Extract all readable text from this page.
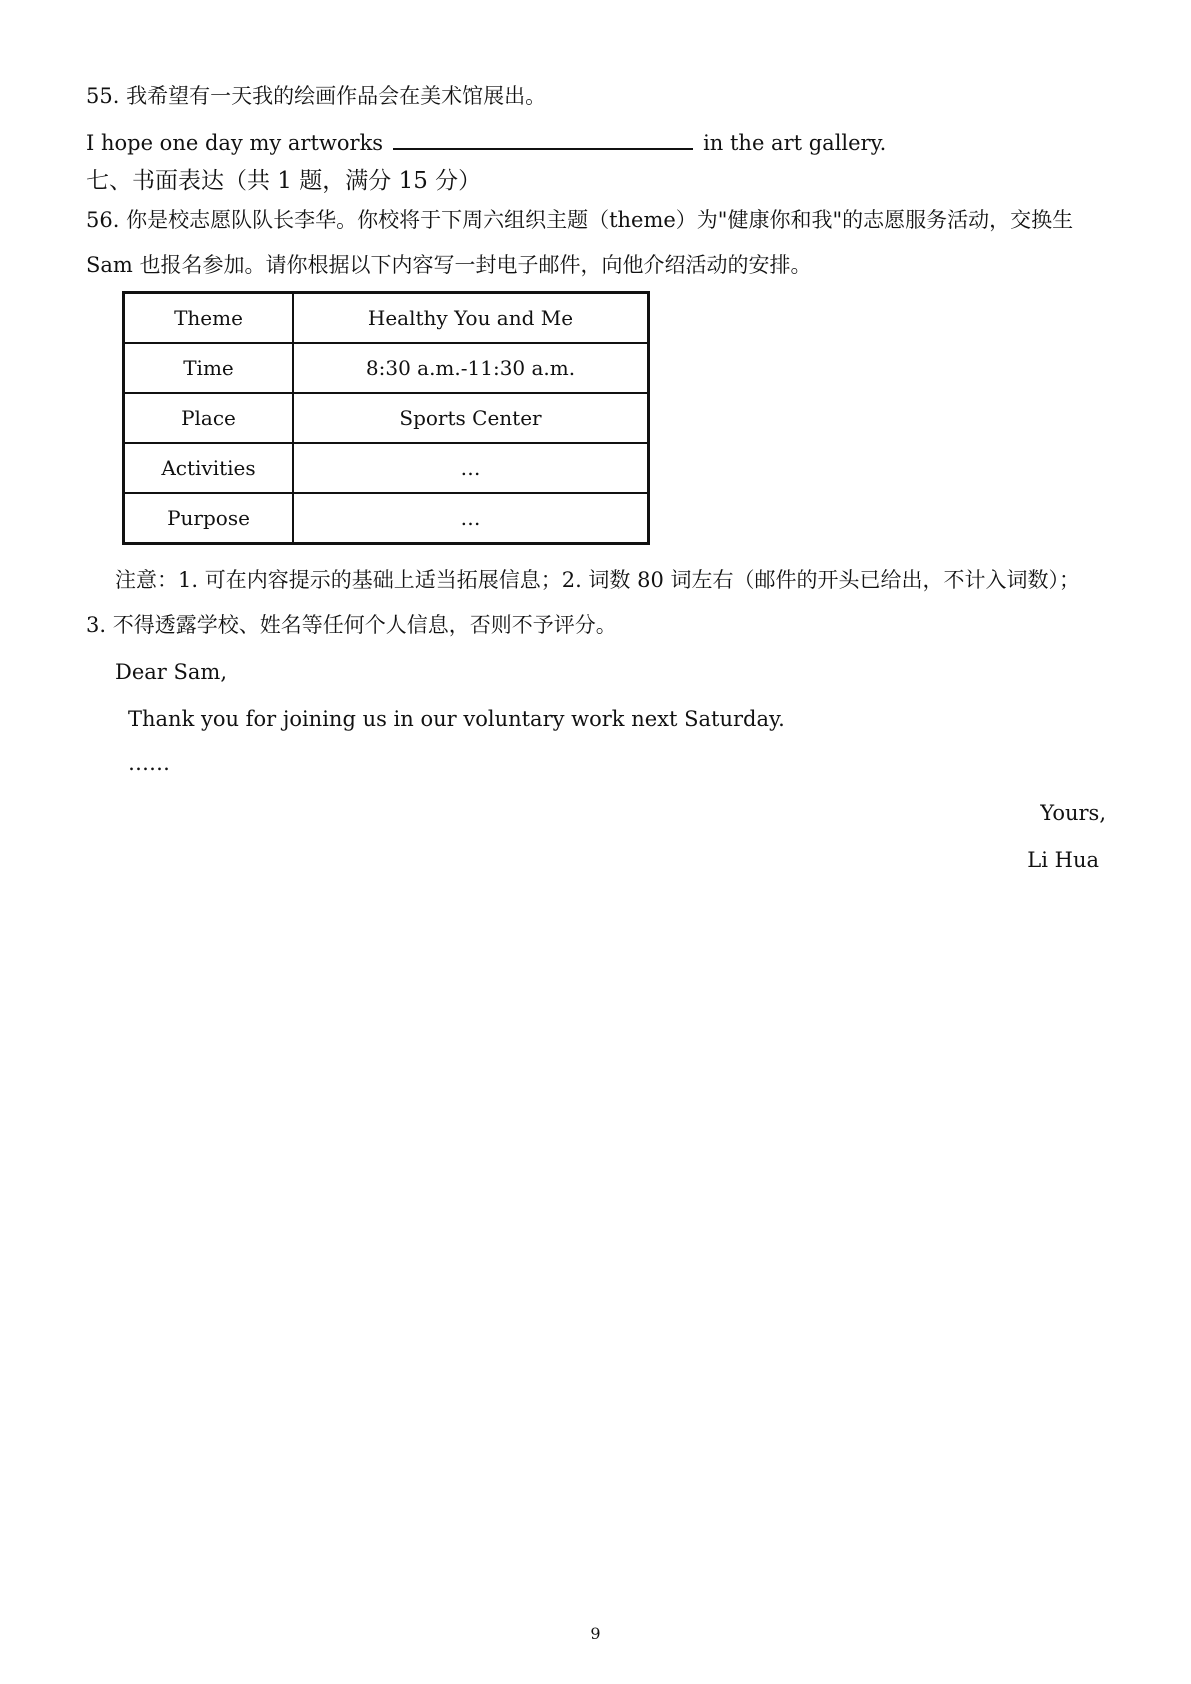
55. 我希望有一天我的绘画作品会在美术馆展出。
I hope one day my artworks	in the art gallery.
七、书面表达（共 1 题，满分 15 分）
56. 你是校志愿队队长李华。你校将于下周六组织主题（theme）为"健康你和我"的志愿服务活动，交换生
Sam 也报名参加。请你根据以下内容写一封电子邮件，向他介绍活动的安排。
Theme	Healthy You and Me
Time	8:30 a.m.-11:30 a.m.
Place	Sports Center
Activities	…
Purpose	…
注意：1. 可在内容提示的基础上适当拓展信息；2. 词数 80 词左右（邮件的开头已给出，不计入词数）；
3. 不得透露学校、姓名等任何个人信息，否则不予评分。
Dear Sam,
Thank you for joining us in our voluntary work next Saturday.
……
Yours,
Li Hua
9
